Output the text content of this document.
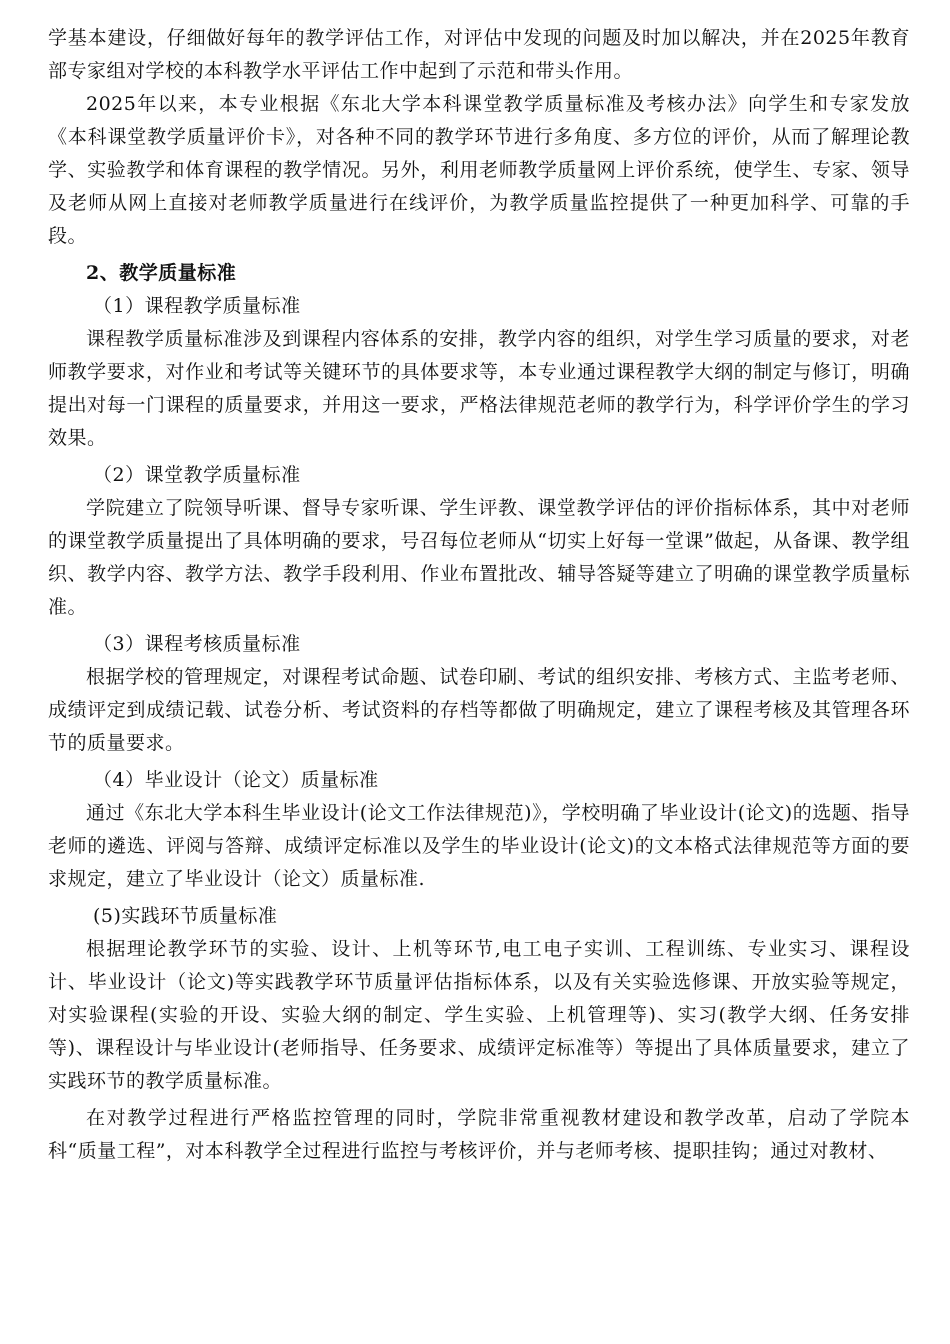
学基本建设，仔细做好每年的教学评估工作，对评估中发现的问题及时加以解决，并在2025年教育部专家组对学校的本科教学水平评估工作中起到了示范和带头作用。

2025年以来，本专业根据《东北大学本科课堂教学质量标准及考核办法》向学生和专家发放《本科课堂教学质量评价卡》，对各种不同的教学环节进行多角度、多方位的评价，从而了解理论教学、实验教学和体育课程的教学情况。另外，利用老师教学质量网上评价系统，使学生、专家、领导及老师从网上直接对老师教学质量进行在线评价，为教学质量监控提供了一种更加科学、可靠的手段。

2、教学质量标准

（1）课程教学质量标准

课程教学质量标准涉及到课程内容体系的安排，教学内容的组织，对学生学习质量的要求，对老师教学要求，对作业和考试等关键环节的具体要求等，本专业通过课程教学大纲的制定与修订，明确提出对每一门课程的质量要求，并用这一要求，严格法律规范老师的教学行为，科学评价学生的学习效果。

（2）课堂教学质量标准

学院建立了院领导听课、督导专家听课、学生评教、课堂教学评估的评价指标体系，其中对老师的课堂教学质量提出了具体明确的要求，号召每位老师从“切实上好每一堂课”做起，从备课、教学组织、教学内容、教学方法、教学手段利用、作业布置批改、辅导答疑等建立了明确的课堂教学质量标准。

（3）课程考核质量标准

根据学校的管理规定，对课程考试命题、试卷印刷、考试的组织安排、考核方式、主监考老师、成绩评定到成绩记载、试卷分析、考试资料的存档等都做了明确规定，建立了课程考核及其管理各环节的质量要求。

（4）毕业设计（论文）质量标准

通过《东北大学本科生毕业设计(论文工作法律规范)》，学校明确了毕业设计(论文)的选题、指导老师的遴选、评阅与答辩、成绩评定标准以及学生的毕业设计(论文)的文本格式法律规范等方面的要求规定，建立了毕业设计（论文）质量标准.

(5)实践环节质量标准

根据理论教学环节的实验、设计、上机等环节,电工电子实训、工程训练、专业实习、课程设计、毕业设计（论文)等实践教学环节质量评估指标体系，以及有关实验选修课、开放实验等规定，对实验课程(实验的开设、实验大纲的制定、学生实验、上机管理等)、实习(教学大纲、任务安排等)、课程设计与毕业设计(老师指导、任务要求、成绩评定标准等）等提出了具体质量要求，建立了实践环节的教学质量标准。

在对教学过程进行严格监控管理的同时，学院非常重视教材建设和教学改革，启动了学院本科“质量工程”，对本科教学全过程进行监控与考核评价，并与老师考核、提职挂钩；通过对教材、
